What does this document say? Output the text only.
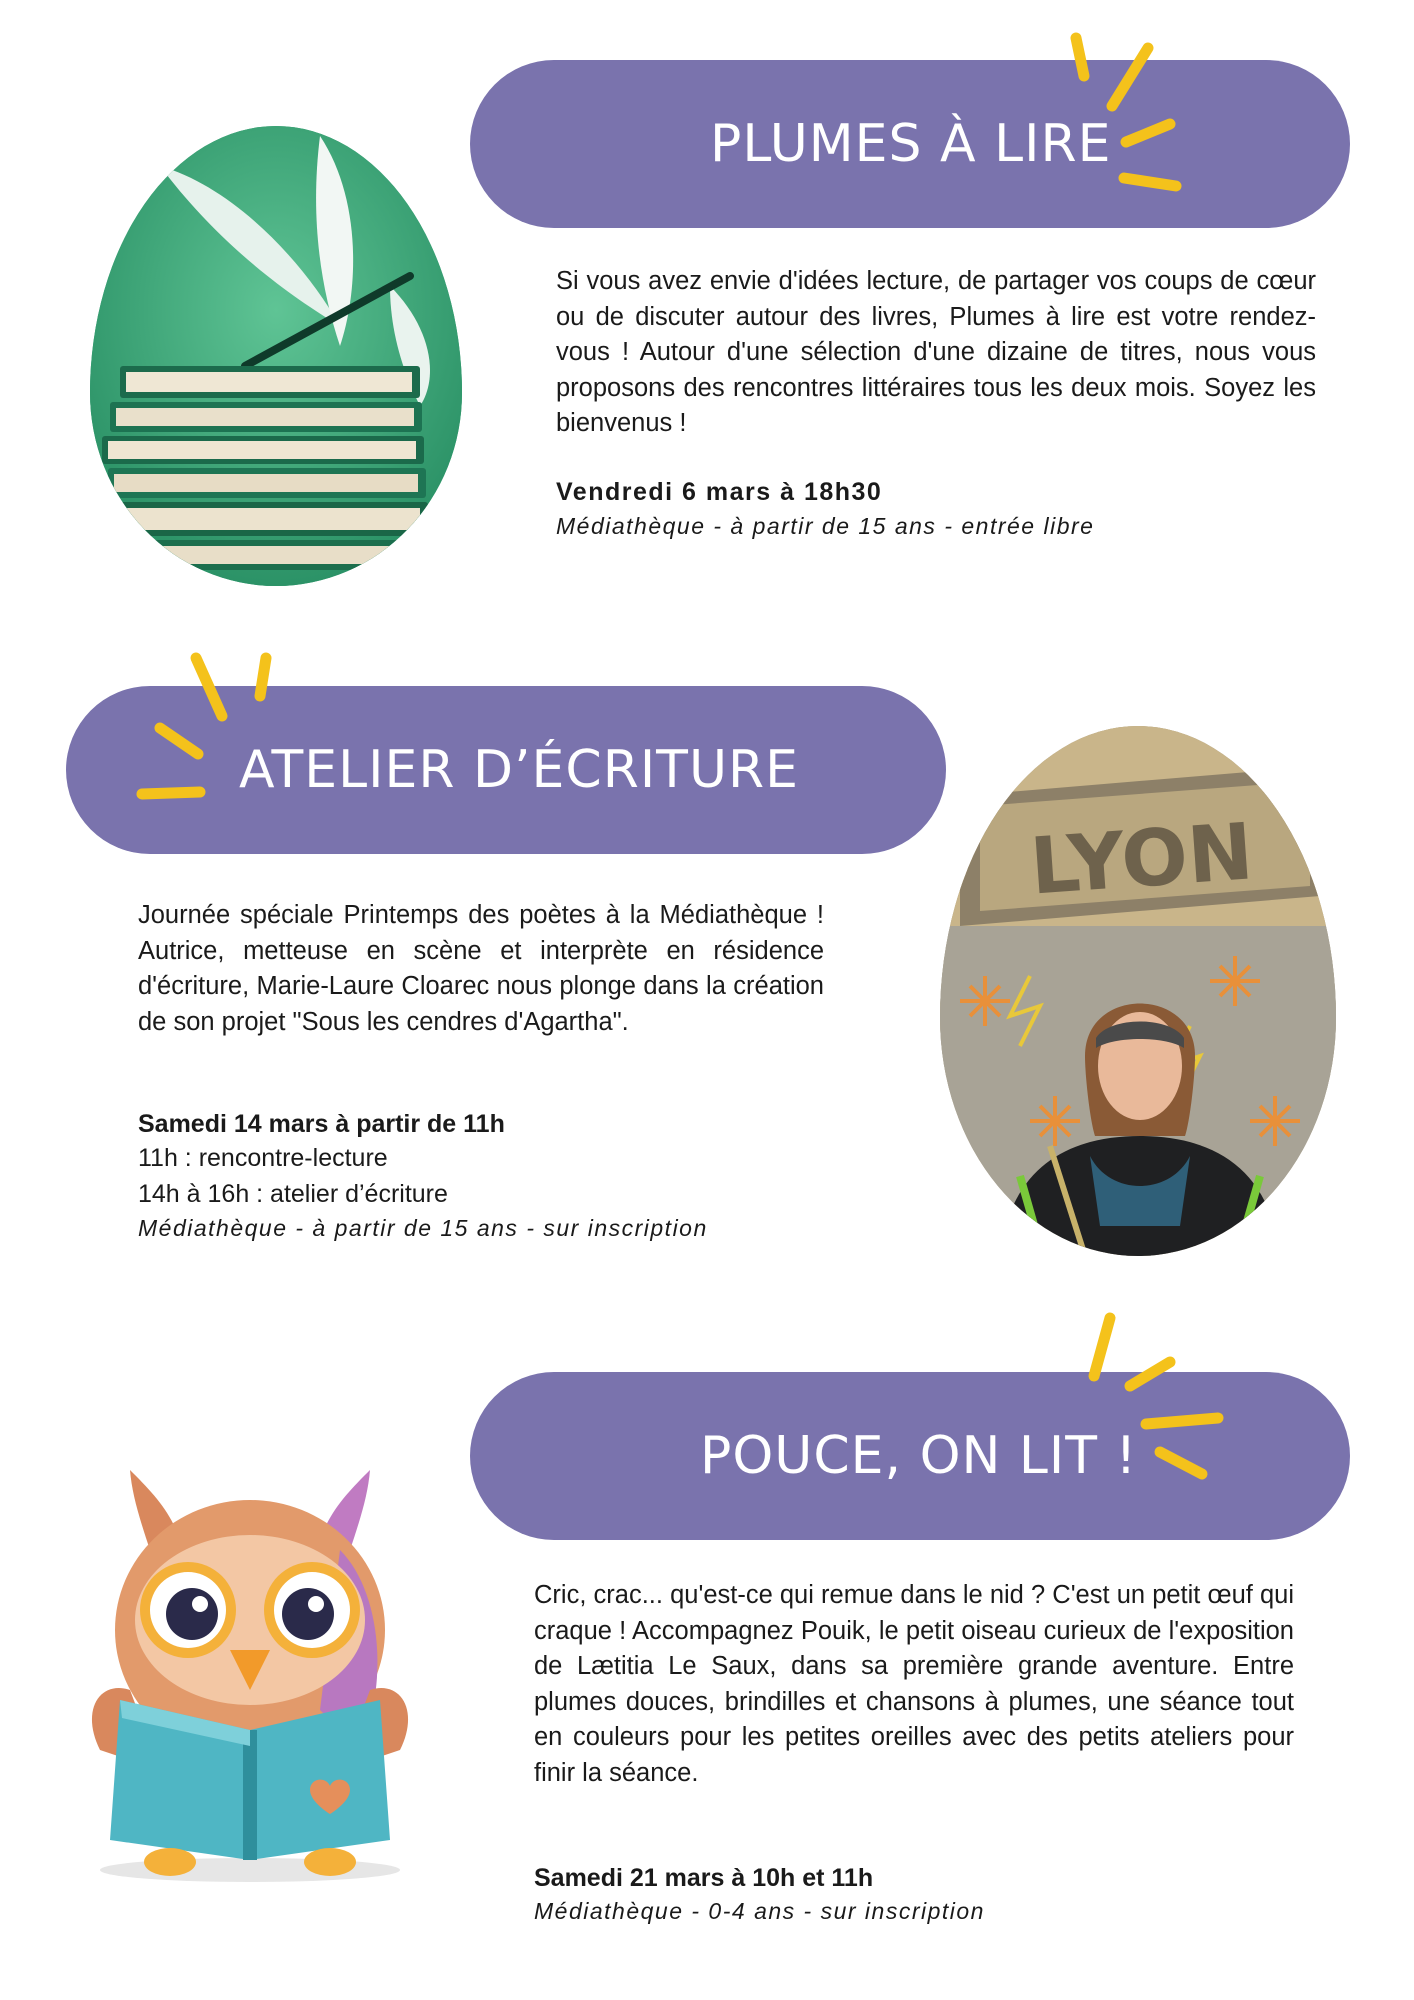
PLUMES À LIRE

Si vous avez envie d'idées lecture, de partager vos coups de cœur ou de discuter autour des livres, Plumes à lire est votre rendez-vous ! Autour d'une sélection d'une dizaine de titres, nous vous proposons des rencontres littéraires tous les deux mois. Soyez les bienvenus !

Vendredi 6 mars à 18h30
Médiathèque - à partir de 15 ans - entrée libre
ATELIER D’ÉCRITURE
LYON

Journée spéciale Printemps des poètes à la Médiathèque ! Autrice, metteuse en scène et interprète en résidence d'écriture, Marie-Laure Cloarec nous plonge dans la création de son projet "Sous les cendres d'Agartha".

Samedi 14 mars à partir de 11h
11h : rencontre-lecture
14h à 16h : atelier d’écriture
Médiathèque - à partir de 15 ans - sur inscription
POUCE, ON LIT !

Cric, crac... qu'est-ce qui remue dans le nid ? C'est un petit œuf qui craque ! Accompagnez Pouik, le petit oiseau curieux de l'exposition de Lætitia Le Saux, dans sa première grande aventure. Entre plumes douces, brindilles et chansons à plumes, une séance tout en couleurs pour les petites oreilles avec des petits ateliers pour finir la séance.

Samedi 21 mars à 10h et 11h
Médiathèque - 0-4 ans - sur inscription
